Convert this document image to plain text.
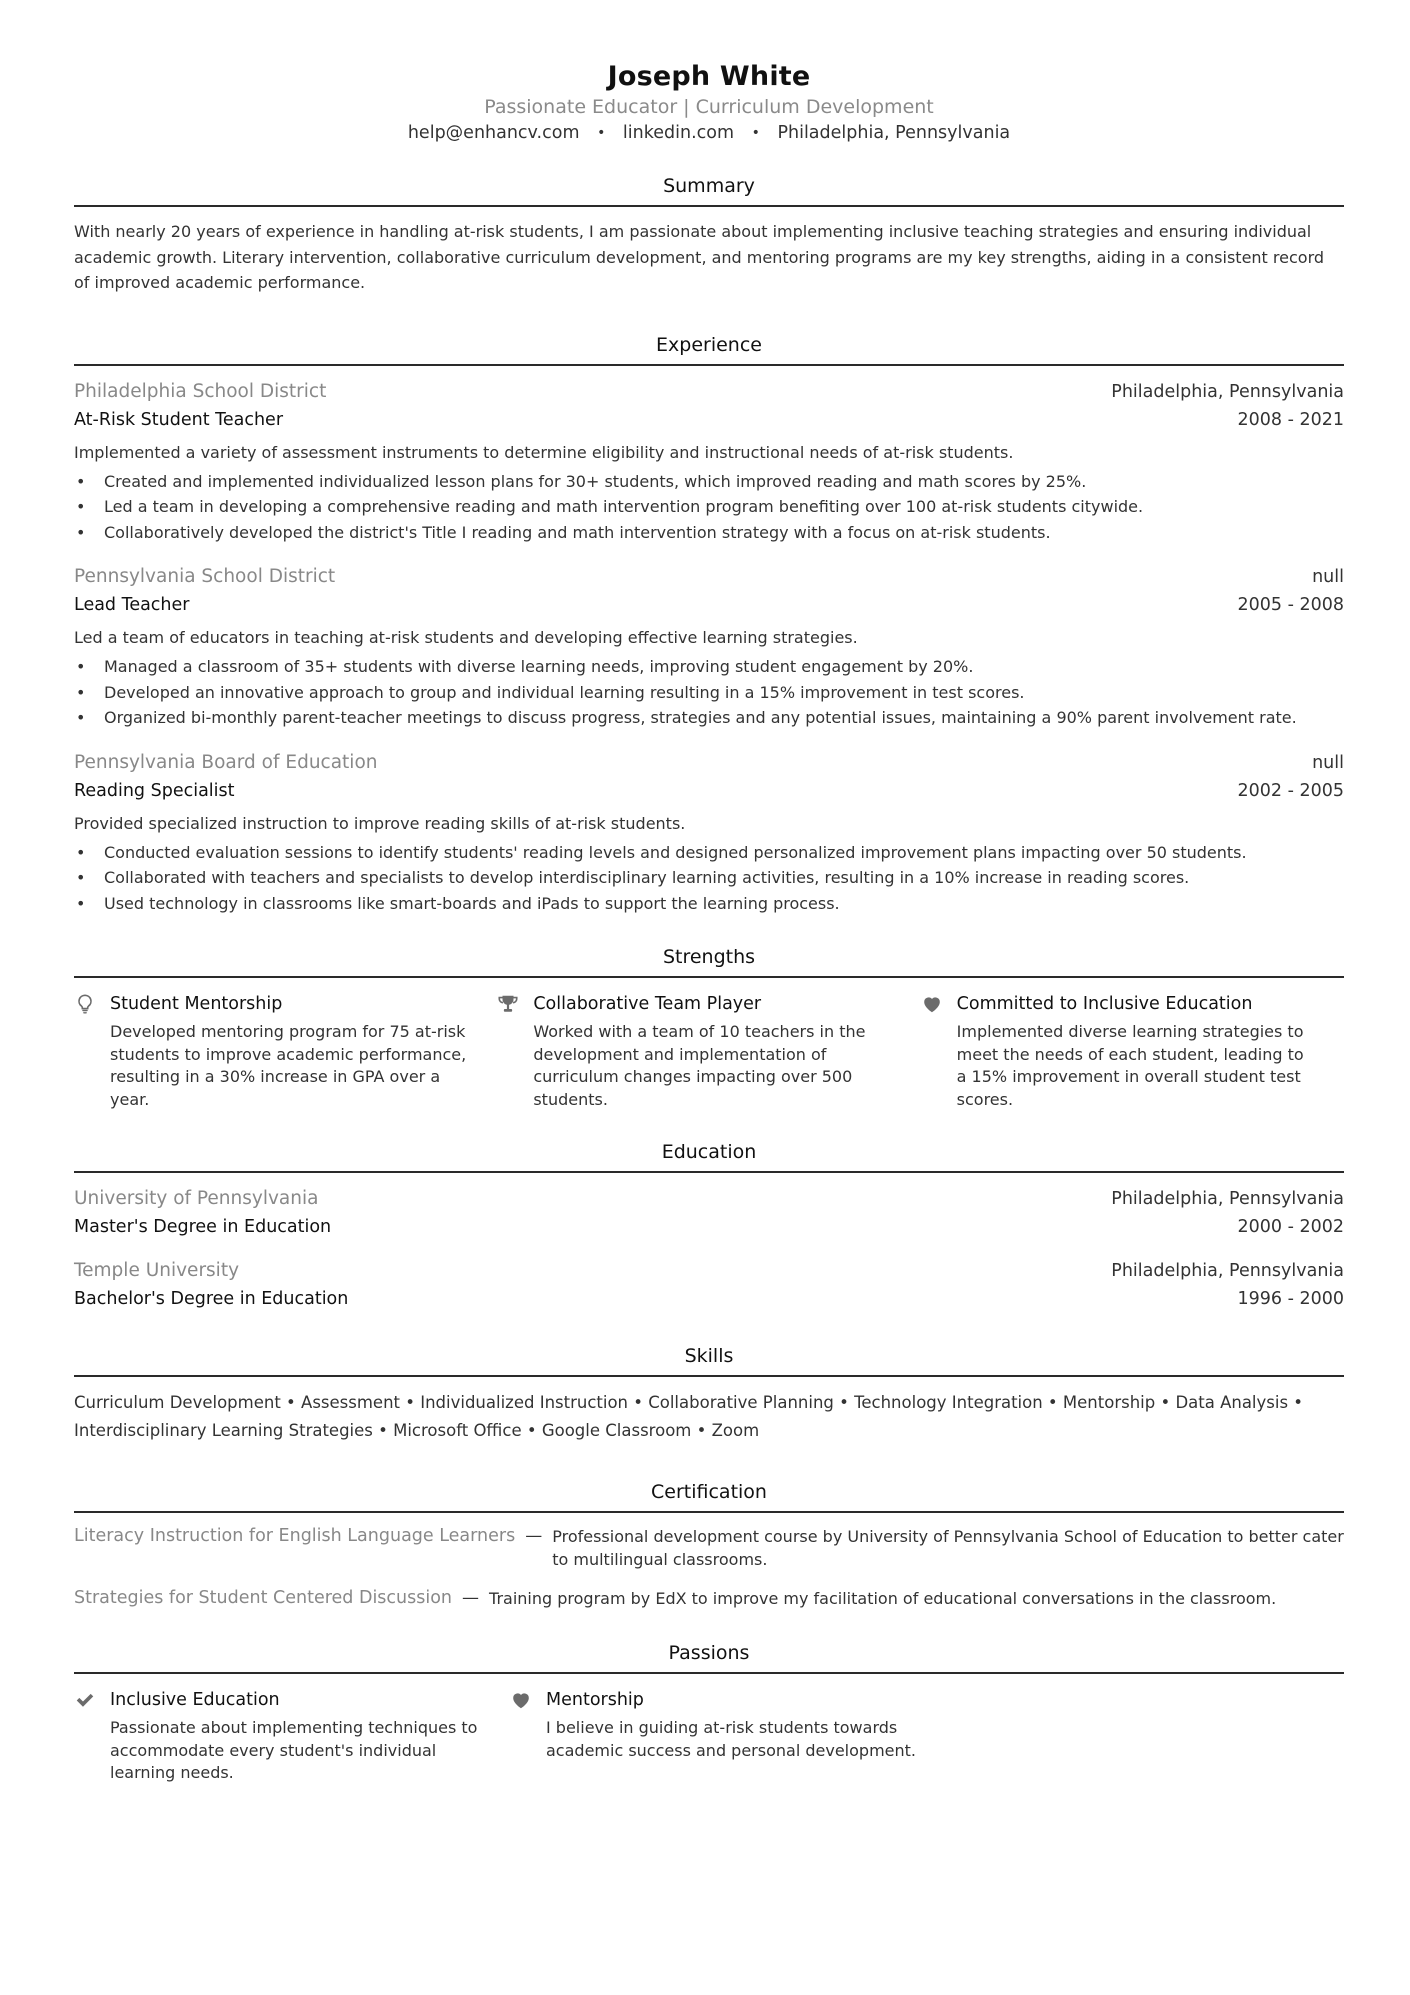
Joseph White
Passionate Educator | Curriculum Development
help@enhancv.com • linkedin.com • Philadelphia, Pennsylvania
Summary
With nearly 20 years of experience in handling at-risk students, I am passionate about implementing inclusive teaching strategies and ensuring individual academic growth. Literary intervention, collaborative curriculum development, and mentoring programs are my key strengths, aiding in a consistent record of improved academic performance.
Experience
Philadelphia School District	Philadelphia, Pennsylvania
At-Risk Student Teacher	2008 - 2021
Implemented a variety of assessment instruments to determine eligibility and instructional needs of at-risk students.
• Created and implemented individualized lesson plans for 30+ students, which improved reading and math scores by 25%.
• Led a team in developing a comprehensive reading and math intervention program benefiting over 100 at-risk students citywide.
• Collaboratively developed the district's Title I reading and math intervention strategy with a focus on at-risk students.
Pennsylvania School District	null
Lead Teacher	2005 - 2008
Led a team of educators in teaching at-risk students and developing effective learning strategies.
• Managed a classroom of 35+ students with diverse learning needs, improving student engagement by 20%.
• Developed an innovative approach to group and individual learning resulting in a 15% improvement in test scores.
• Organized bi-monthly parent-teacher meetings to discuss progress, strategies and any potential issues, maintaining a 90% parent involvement rate.
Pennsylvania Board of Education	null
Reading Specialist	2002 - 2005
Provided specialized instruction to improve reading skills of at-risk students.
• Conducted evaluation sessions to identify students' reading levels and designed personalized improvement plans impacting over 50 students.
• Collaborated with teachers and specialists to develop interdisciplinary learning activities, resulting in a 10% increase in reading scores.
• Used technology in classrooms like smart-boards and iPads to support the learning process.
Strengths
Student Mentorship
Developed mentoring program for 75 at-risk students to improve academic performance, resulting in a 30% increase in GPA over a year.
Collaborative Team Player
Worked with a team of 10 teachers in the development and implementation of curriculum changes impacting over 500 students.
Committed to Inclusive Education
Implemented diverse learning strategies to meet the needs of each student, leading to a 15% improvement in overall student test scores.
Education
University of Pennsylvania	Philadelphia, Pennsylvania
Master's Degree in Education	2000 - 2002
Temple University	Philadelphia, Pennsylvania
Bachelor's Degree in Education	1996 - 2000
Skills
Curriculum Development • Assessment • Individualized Instruction • Collaborative Planning • Technology Integration • Mentorship • Data Analysis • Interdisciplinary Learning Strategies • Microsoft Office • Google Classroom • Zoom
Certification
Literacy Instruction for English Language Learners — Professional development course by University of Pennsylvania School of Education to better cater to multilingual classrooms.
Strategies for Student Centered Discussion — Training program by EdX to improve my facilitation of educational conversations in the classroom.
Passions
Inclusive Education
Passionate about implementing techniques to accommodate every student's individual learning needs.
Mentorship
I believe in guiding at-risk students towards academic success and personal development.
